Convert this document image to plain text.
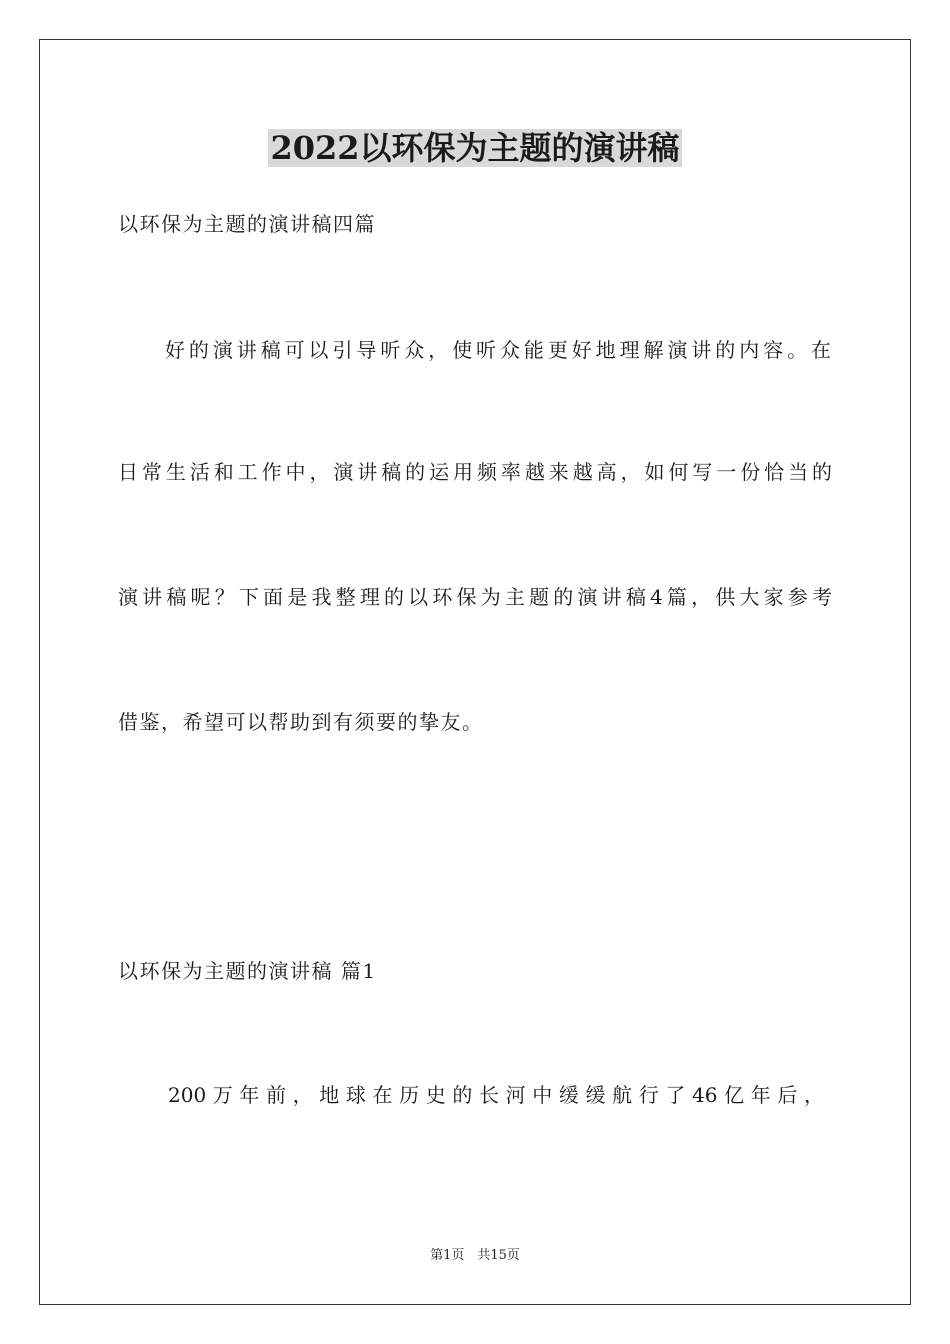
2022以环保为主题的演讲稿
以环保为主题的演讲稿四篇
好的演讲稿可以引导听众，使听众能更好地理解演讲的内容。在
日常生活和工作中，演讲稿的运用频率越来越高，如何写一份恰当的
演讲稿呢？下面是我整理的以环保为主题的演讲稿4篇，供大家参考
借鉴，希望可以帮助到有须要的挚友。
以环保为主题的演讲稿 篇1
200万年前，地球在历史的长河中缓缓航行了46亿年后，
第1页　共15页
